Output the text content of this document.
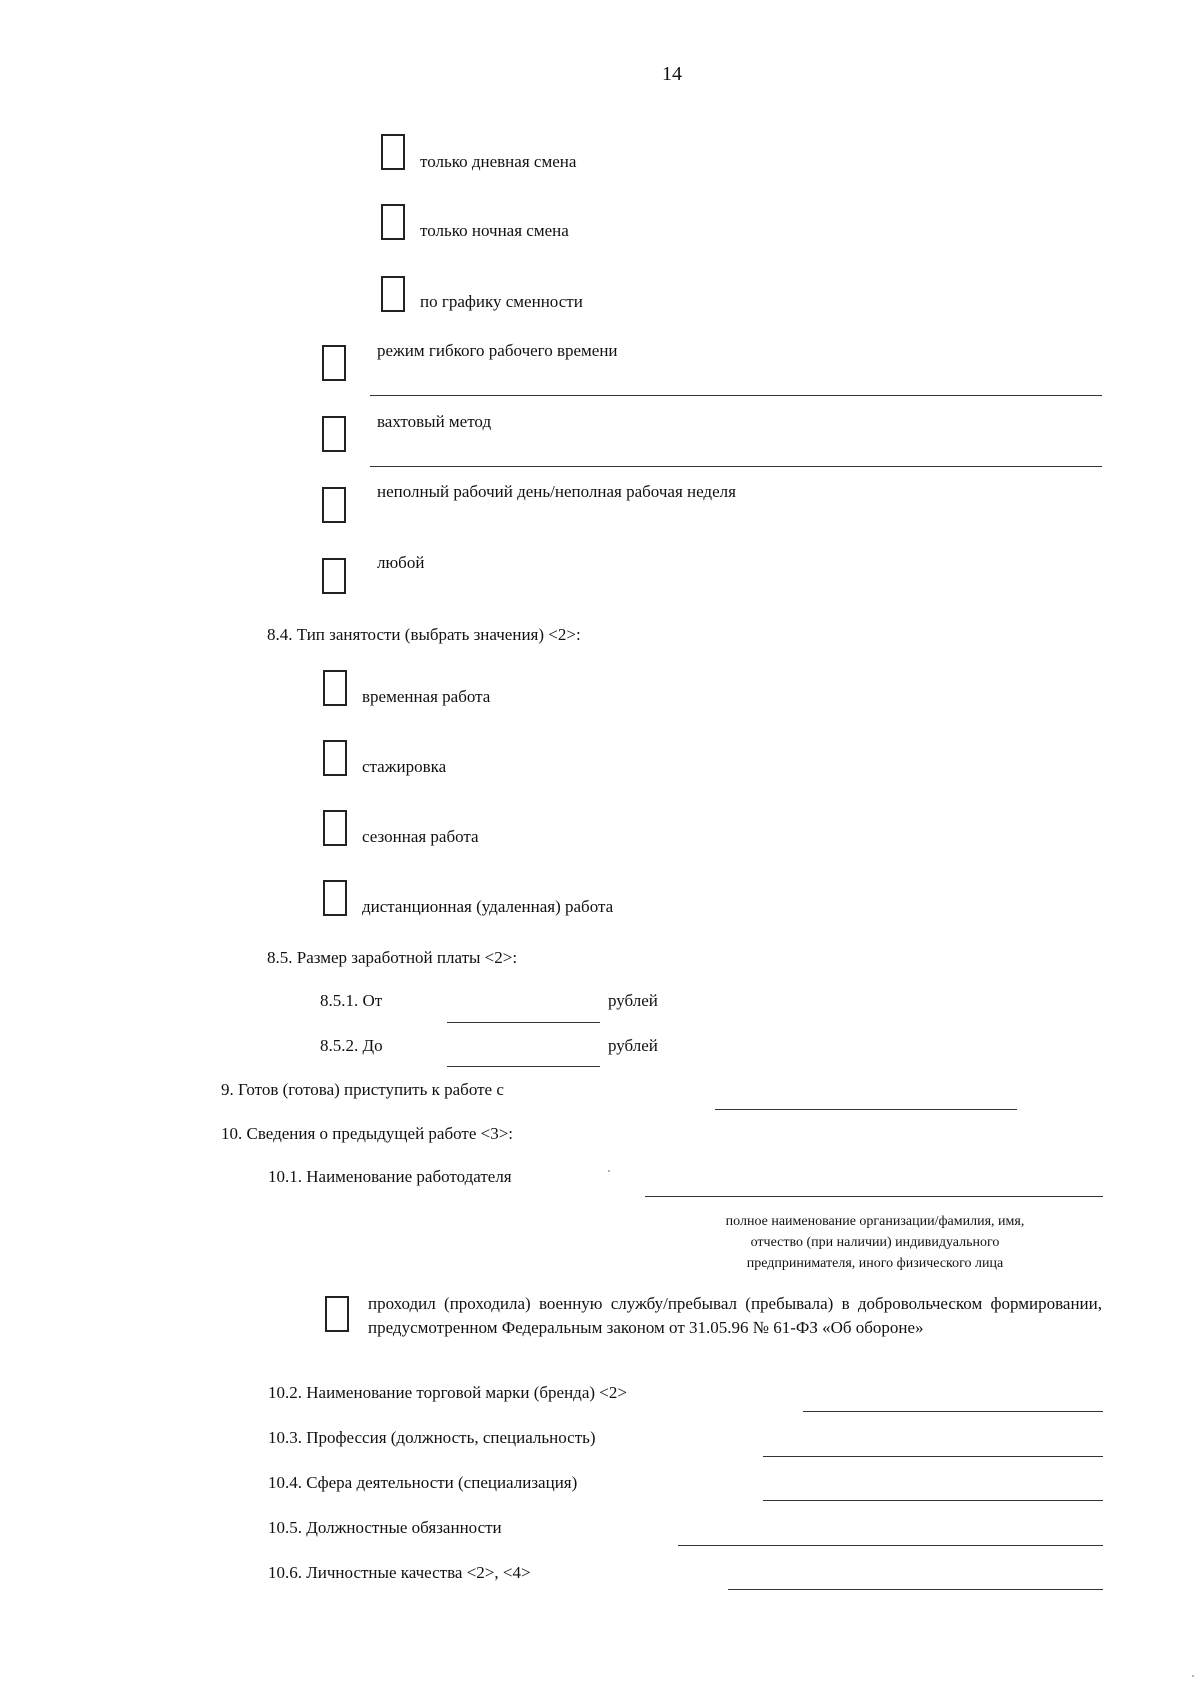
14
только дневная смена
только ночная смена
по графику сменности
режим гибкого рабочего времени
вахтовый метод
неполный рабочий день/неполная рабочая неделя
любой
8.4. Тип занятости (выбрать значения) <2>:
временная работа
стажировка
сезонная работа
дистанционная (удаленная) работа
8.5. Размер заработной платы <2>:
8.5.1. От	рублей
8.5.2. До	рублей
9. Готов (готова) приступить к работе с
10. Сведения о предыдущей работе <3>:
10.1. Наименование работодателя
полное наименование организации/фамилия, имя,
отчество (при наличии) индивидуального
предпринимателя, иного физического лица
проходил (проходила) военную службу/пребывал (пребывала) в добровольческом формировании, предусмотренном Федеральным законом от 31.05.96 № 61-ФЗ «Об обороне»
10.2. Наименование торговой марки (бренда) <2>
10.3. Профессия (должность, специальность)
10.4. Сфера деятельности (специализация)
10.5. Должностные обязанности
10.6. Личностные качества <2>, <4>
